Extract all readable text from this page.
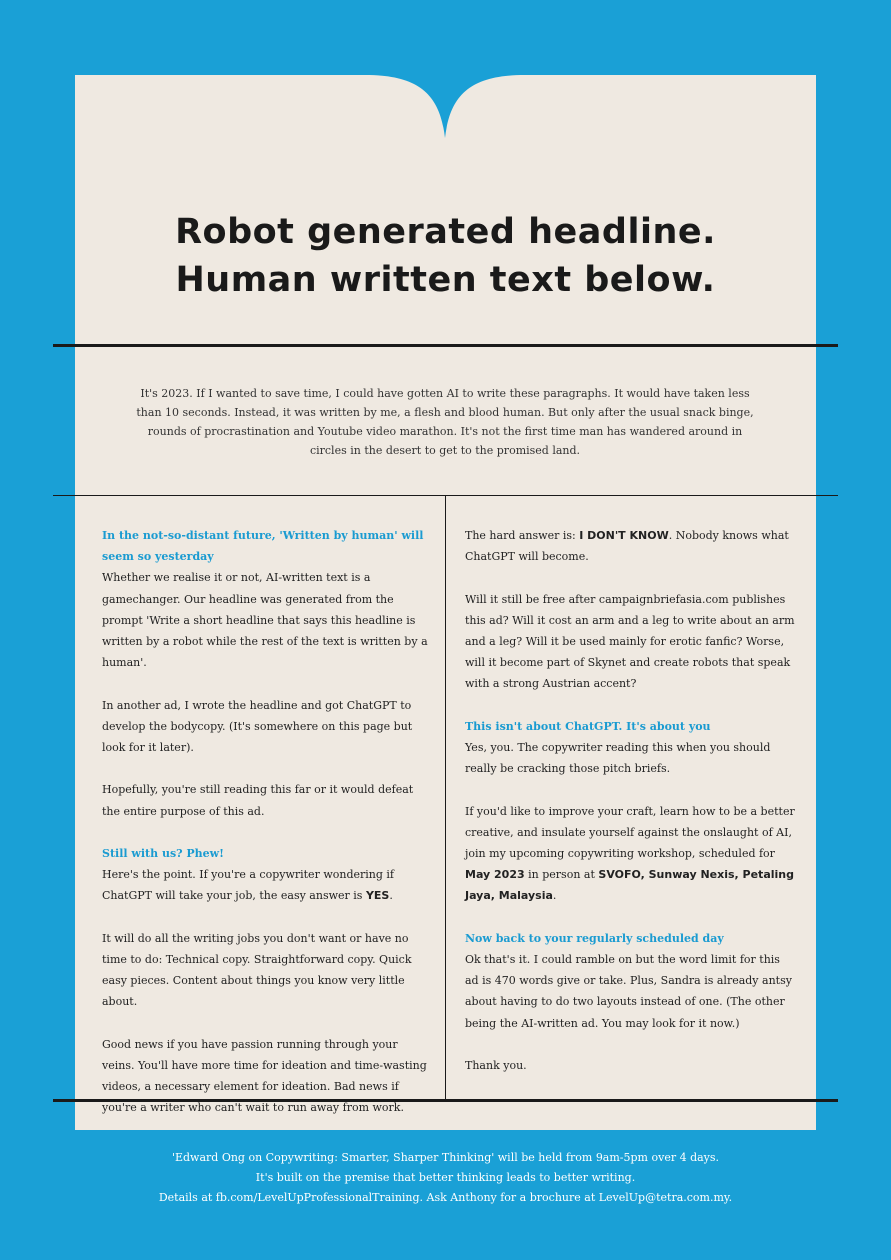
Robot generated headline.
Human written text below.
It's 2023. If I wanted to save time, I could have gotten AI to write these paragraphs. It would have taken less than 10 seconds. Instead, it was written by me, a flesh and blood human. But only after the usual snack binge, rounds of procrastination and Youtube video marathon. It's not the first time man has wandered around in circles in the desert to get to the promised land.

In the not-so-distant future, 'Written by human' will seem so yesterday
Whether we realise it or not, AI-written text is a gamechanger. Our headline was generated from the prompt 'Write a short headline that says this headline is written by a robot while the rest of the text is written by a human'.

In another ad, I wrote the headline and got ChatGPT to develop the bodycopy. (It's somewhere on this page but look for it later).

Hopefully, you're still reading this far or it would defeat the entire purpose of this ad.

Still with us? Phew!
Here's the point. If you're a copywriter wondering if ChatGPT will take your job, the easy answer is YES.

It will do all the writing jobs you don't want or have no time to do: Technical copy. Straightforward copy. Quick easy pieces. Content about things you know very little about.

Good news if you have passion running through your veins. You'll have more time for ideation and time-wasting videos, a necessary element for ideation. Bad news if you're a writer who can't wait to run away from work.

The hard answer is: I DON'T KNOW. Nobody knows what ChatGPT will become.

Will it still be free after campaignbriefasia.com publishes this ad? Will it cost an arm and a leg to write about an arm and a leg? Will it be used mainly for erotic fanfic? Worse, will it become part of Skynet and create robots that speak with a strong Austrian accent?

This isn't about ChatGPT. It's about you
Yes, you. The copywriter reading this when you should really be cracking those pitch briefs.

If you'd like to improve your craft, learn how to be a better creative, and insulate yourself against the onslaught of AI, join my upcoming copywriting workshop, scheduled for May 2023 in person at SVOFO, Sunway Nexis, Petaling Jaya, Malaysia.

Now back to your regularly scheduled day
Ok that's it. I could ramble on but the word limit for this ad is 470 words give or take. Plus, Sandra is already antsy about having to do two layouts instead of one. (The other being the AI-written ad. You may look for it now.)

Thank you.

'Edward Ong on Copywriting: Smarter, Sharper Thinking' will be held from 9am-5pm over 4 days.
It's built on the premise that better thinking leads to better writing.
Details at fb.com/LevelUpProfessionalTraining. Ask Anthony for a brochure at LevelUp@tetra.com.my.
